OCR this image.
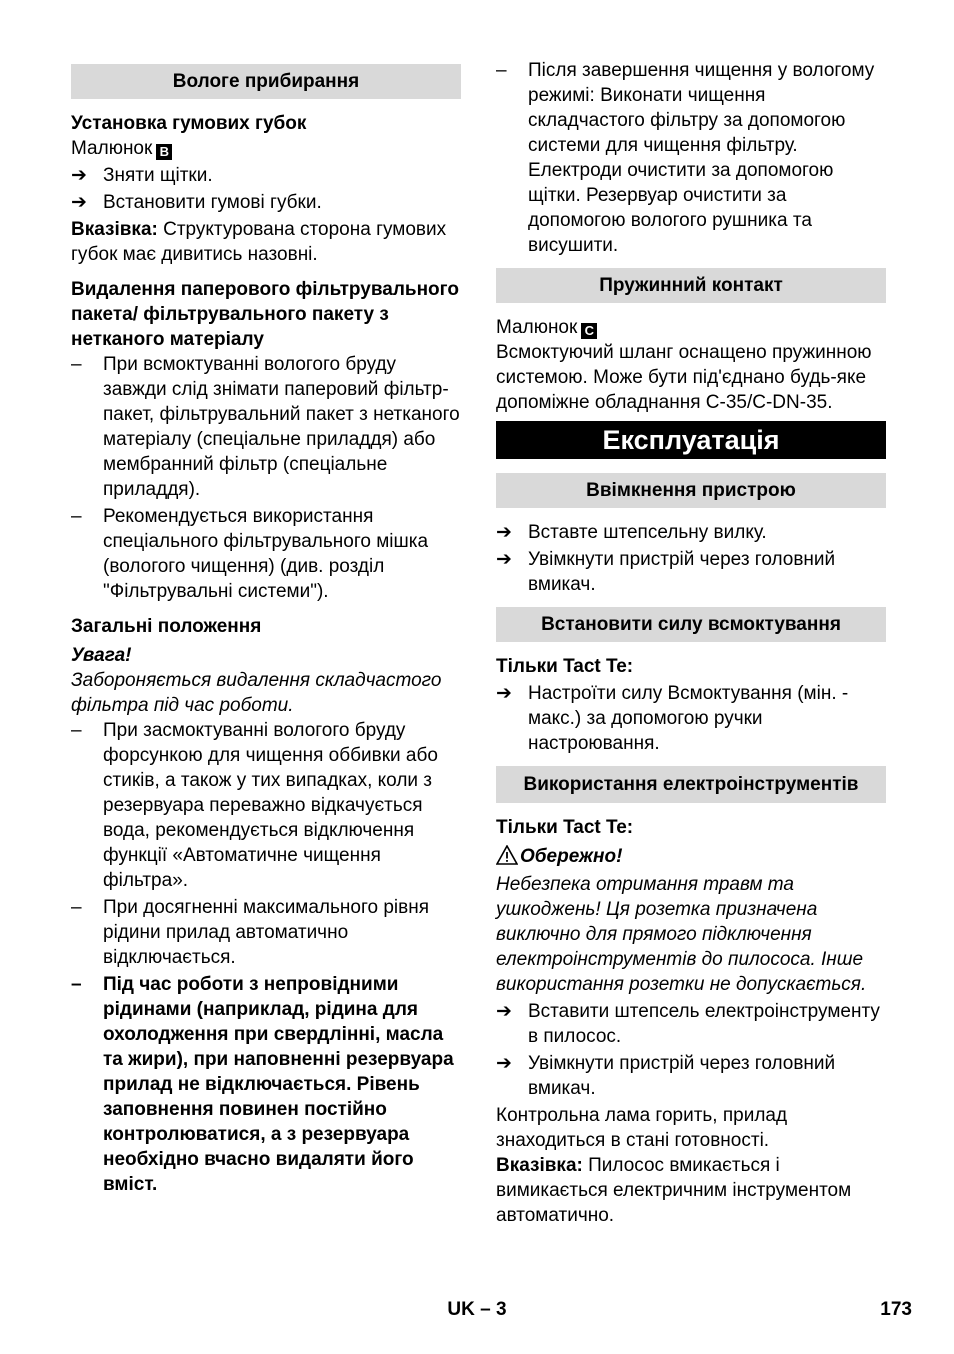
Вологе прибирання
Установка гумових губок
Малюнок B
➔ Зняти щітки.
➔ Встановити гумові губки.
Вказівка: Структурована сторона гумових губок має дивитись назовні.
Видалення паперового фільтрувального пакета/ фільтрувального пакету з нетканого матеріалу
– При всмоктуванні вологого бруду завжди слід знімати паперовий фільтр-пакет, фільтрувальний пакет з нетканого матеріалу (спеціальне приладдя) або мембранний фільтр (спеціальне приладдя).
– Рекомендується використання спеціального фільтрувального мішка (вологого чищення) (див. розділ "Фільтрувальні системи").
Загальні положення
Увага!
Забороняється видалення складчастого фільтра під час роботи.
– При засмоктуванні вологого бруду форсункою для чищення оббивки або стиків, а також у тих випадках, коли з резервуара переважно відкачується вода, рекомендується відключення функції «Автоматичне чищення фільтра».
– При досягненні максимального рівня рідини прилад автоматично відключається.
– Під час роботи з непровідними рідинами (наприклад, рідина для охолодження при свердлінні, масла та жири), при наповненні резервуара прилад не відключається. Рівень заповнення повинен постійно контролюватися, а з резервуара необхідно вчасно видаляти його вміст.
– Після завершення чищення у вологому режимі: Виконати чищення складчастого фільтру за допомогою системи для чищення фільтру. Електроди очистити за допомогою щітки. Резервуар очистити за допомогою вологого рушника та висушити.
Пружинний контакт
Малюнок C
Всмоктуючий шланг оснащено пружинною системою. Може бути під'єднано будь-яке допоміжне обладнання С-35/С-DN-35.
Експлуатація
Ввімкнення пристрою
➔ Вставте штепсельну вилку.
➔ Увімкнути пристрій через головний вмикач.
Встановити силу всмоктування
Тільки Tact Te:
➔ Настроїти силу Всмоктування (мін. - макс.) за допомогою ручки настроювання.
Використання електроінструментів
Тільки Tact Te:
Обережно!
Небезпека отримання травм та ушкоджень! Ця розетка призначена виключно для прямого підключення електроінструментів до пилососа. Інше використання розетки не допускається.
➔ Вставити штепсель електроінструменту в пилосос.
➔ Увімкнути пристрій через головний вмикач.
Контрольна лама горить, прилад знаходиться в стані готовності.
Вказівка: Пилосос вмикається і вимикається електричним інструментом автоматично.
UK – 3	173
